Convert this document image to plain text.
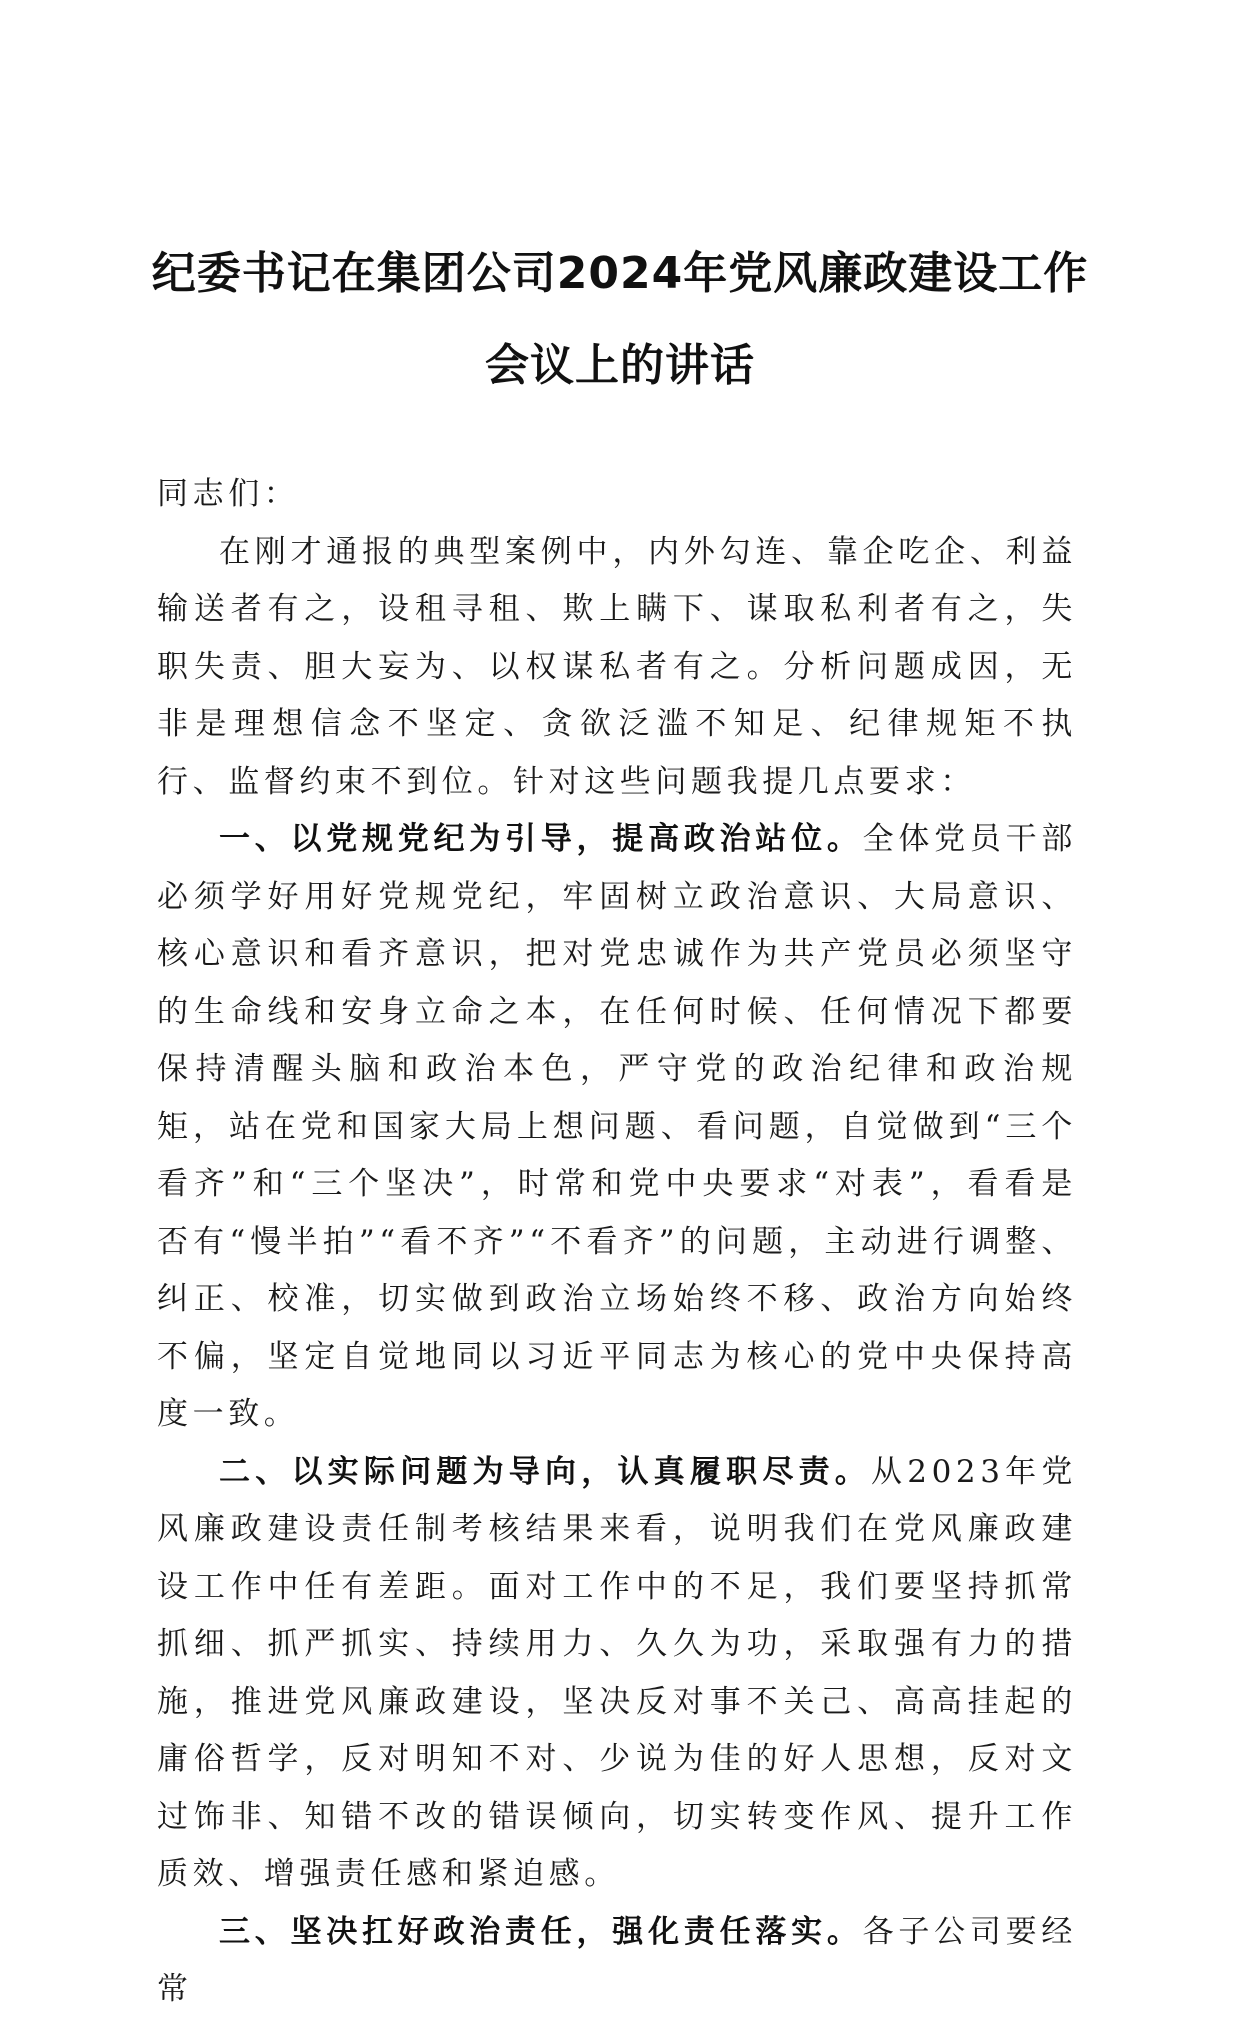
纪委书记在集团公司2024年党风廉政建设工作会议上的讲话

同志们：

在刚才通报的典型案例中，内外勾连、靠企吃企、利益输送者有之，设租寻租、欺上瞒下、谋取私利者有之，失职失责、胆大妄为、以权谋私者有之。分析问题成因，无非是理想信念不坚定、贪欲泛滥不知足、纪律规矩不执行、监督约束不到位。针对这些问题我提几点要求：

一、以党规党纪为引导，提高政治站位。全体党员干部必须学好用好党规党纪，牢固树立政治意识、大局意识、核心意识和看齐意识，把对党忠诚作为共产党员必须坚守的生命线和安身立命之本，在任何时候、任何情况下都要保持清醒头脑和政治本色，严守党的政治纪律和政治规矩，站在党和国家大局上想问题、看问题，自觉做到“三个看齐”和“三个坚决”，时常和党中央要求“对表”，看看是否有“慢半拍”“看不齐”“不看齐”的问题，主动进行调整、纠正、校准，切实做到政治立场始终不移、政治方向始终不偏，坚定自觉地同以习近平同志为核心的党中央保持高度一致。

二、以实际问题为导向，认真履职尽责。从2023年党风廉政建设责任制考核结果来看，说明我们在党风廉政建设工作中任有差距。面对工作中的不足，我们要坚持抓常抓细、抓严抓实、持续用力、久久为功，采取强有力的措施，推进党风廉政建设，坚决反对事不关己、高高挂起的庸俗哲学，反对明知不对、少说为佳的好人思想，反对文过饰非、知错不改的错误倾向，切实转变作风、提升工作质效、增强责任感和紧迫感。

三、坚决扛好政治责任，强化责任落实。各子公司要经常
